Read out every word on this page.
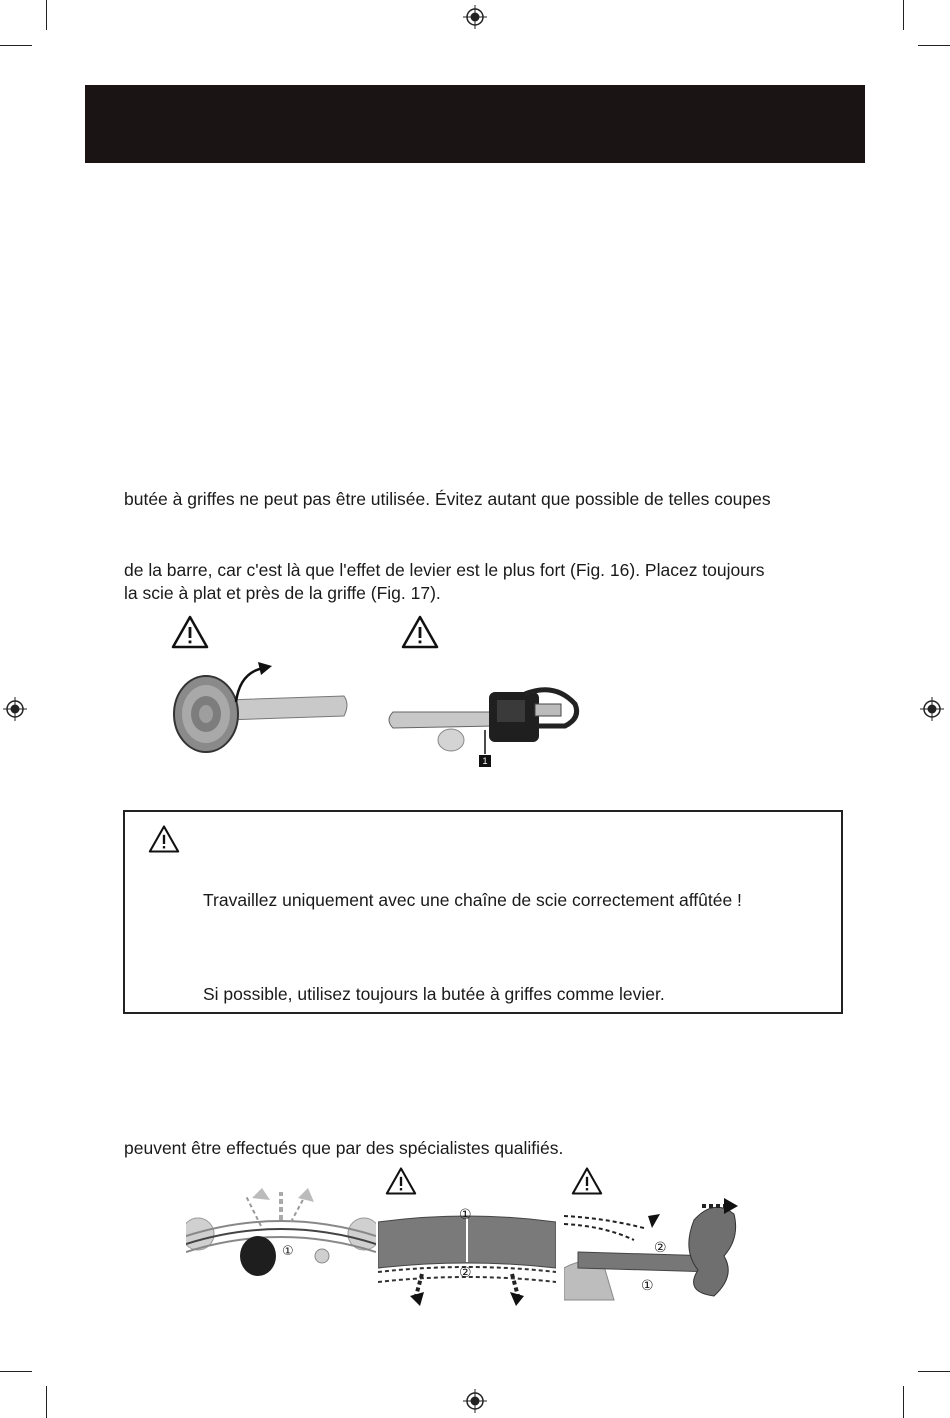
butée à griffes ne peut pas être utilisée. Évitez autant que possible de telles coupes
de la barre, car c'est là que l'effet de levier est le plus fort (Fig. 16). Placez toujours
la scie à plat et près de la griffe (Fig. 17).
1
Travaillez uniquement avec une chaîne de scie correctement affûtée !
Si possible, utilisez toujours la butée à griffes comme levier.
peuvent être effectués que par des spécialistes qualifiés.
①
①
②
②
①
